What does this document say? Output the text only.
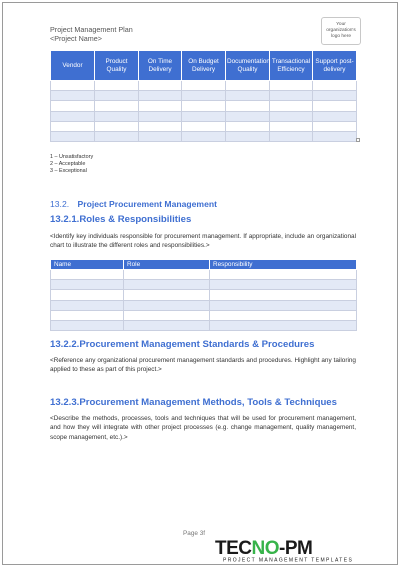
Project Management Plan
<Project Name>
Your
organization's
logo here
Vendor	Product Quality	On Time Delivery	On Budget Delivery	Documentation Quality	Transactional Efficiency	Support post-delivery

1 – Unsatisfactory
2 – Acceptable
3 – Exceptional
13.2. Project Procurement Management
13.2.1.Roles & Responsibilities

<Identify key individuals responsible for procurement management. If appropriate, include an organizational chart to illustrate the different roles and responsibilities.>

Name	Role	Responsibility

13.2.2.Procurement Management Standards & Procedures

<Reference any organizational procurement management standards and procedures. Highlight any tailoring applied to these as part of this project.>

13.2.3.Procurement Management Methods, Tools & Techniques

<Describe the methods, processes, tools and techniques that will be used for procurement management, and how they will integrate with other project processes (e.g. change management, quality management, scope management, etc.).>

Page 3f
TECNO-PM
PROJECT MANAGEMENT TEMPLATES
